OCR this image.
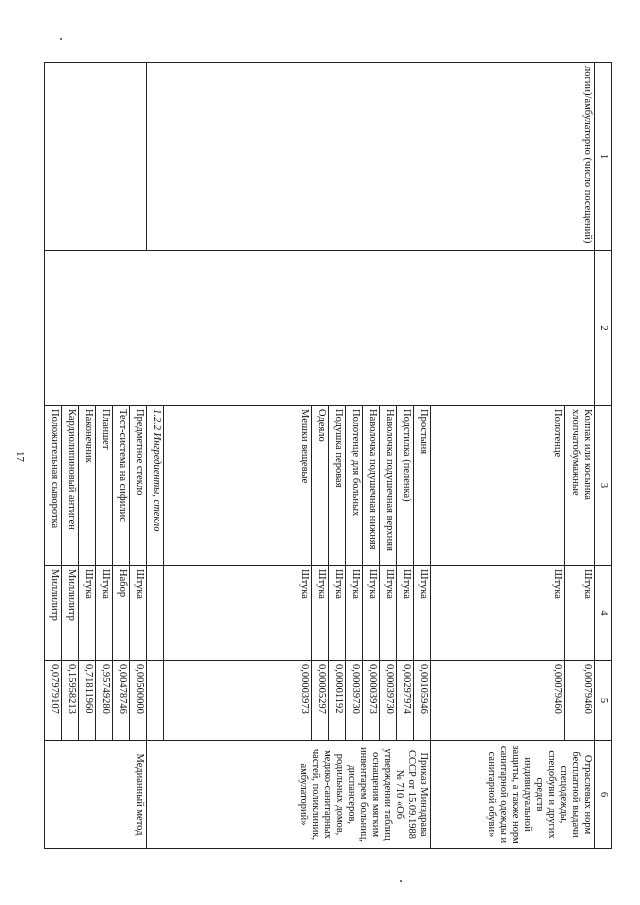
17
1	2	3	4	5	6	
логии)/амбулаторно (число посещений)		Колпак или косынка хлопчатобумажные	Штука	0,00079460	Отраслевых норм бесплатной выдачи спецодежды, спецобуви и других средств индивидуальной защиты, а также норм санитарной одежды и санитарной обуви»	
		Полотенце	Штука	0,00079460		
		Простыня	Штука	0,00105946	Приказ Минздрава СССР от 15.09.1988 № 710 «Об утверждении таблиц оснащения мягким инвентарем больниц, диспансеров, родильных домов, медико-санитарных частей, поликлиник, амбулаторий»	
		Подстилка (пеленка)	Штука	0,00297974		
		Наволочка подушечная верхняя	Штука	0,00039730		
		Наволочка подушечная нижняя	Штука	0,00003973		
		Полотенце для больных	Штука	0,00039730		
		Подушка перовая	Штука	0,00001192		
		Одеяло	Штука	0,00005297		
		Мешки вещевые	Штука	0,00003973		
		1.2.2 Ингредиенты, стекло				
		Предметное стекло	Штука	0,00500000	Медианный метод	
		Тест-система на сифилис	Набор	0,00478746		
		Планшет	Штука	0,95749280		
		Наконечник	Штука	0,71811960		
		Кардиолипиновый антиген	Миллилитр	0,15958213		
		Положительная сыворотка	Миллилитр	0,07979107		
